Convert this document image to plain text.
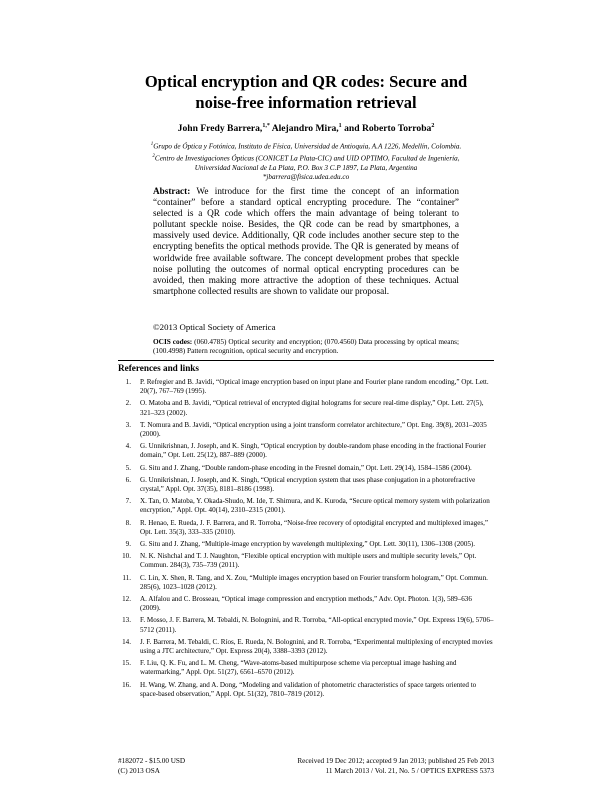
Optical encryption and QR codes: Secure and
noise-free information retrieval
John Fredy Barrera,$^{1,*}$ Alejandro Mira,$^1$ and Roberto Torroba$^2$
$^1$Grupo de Óptica y Fotónica, Instituto de Física, Universidad de Antioquia, A.A 1226, Medellín, Colombia.
$^2$Centro de Investigaciones Ópticas (CONICET La Plata-CIC) and UID OPTIMO, Facultad de Ingeniería,
Universidad Nacional de La Plata, P.O. Box 3 C.P 1897, La Plata, Argentina
*jbarrera@fisica.udea.edu.co
Abstract: We introduce for the first time the concept of an information “container” before a standard optical encrypting procedure. The “container” selected is a QR code which offers the main advantage of being tolerant to pollutant speckle noise. Besides, the QR code can be read by smartphones, a massively used device. Additionally, QR code includes another secure step to the encrypting benefits the optical methods provide. The QR is generated by means of worldwide free available software. The concept development probes that speckle noise polluting the outcomes of normal optical encrypting procedures can be avoided, then making more attractive the adoption of these techniques. Actual smartphone collected results are shown to validate our proposal.
©2013 Optical Society of America
OCIS codes: (060.4785) Optical security and encryption; (070.4560) Data processing by optical means; (100.4998) Pattern recognition, optical security and encryption.
References and links
1.	P. Refregier and B. Javidi, “Optical image encryption based on input plane and Fourier plane random encoding,” Opt. Lett. 20(7), 767–769 (1995).
2.	O. Matoba and B. Javidi, “Optical retrieval of encrypted digital holograms for secure real-time display,” Opt. Lett. 27(5), 321–323 (2002).
3.	T. Nomura and B. Javidi, “Optical encryption using a joint transform correlator architecture,” Opt. Eng. 39(8), 2031–2035 (2000).
4.	G. Unnikrishnan, J. Joseph, and K. Singh, “Optical encryption by double-random phase encoding in the fractional Fourier domain,” Opt. Lett. 25(12), 887–889 (2000).
5.	G. Situ and J. Zhang, “Double random-phase encoding in the Fresnel domain,” Opt. Lett. 29(14), 1584–1586 (2004).
6.	G. Unnikrishnan, J. Joseph, and K. Singh, “Optical encryption system that uses phase conjugation in a photorefractive crystal,” Appl. Opt. 37(35), 8181–8186 (1998).
7.	X. Tan, O. Matoba, Y. Okada-Shudo, M. Ide, T. Shimura, and K. Kuroda, “Secure optical memory system with polarization encryption,” Appl. Opt. 40(14), 2310–2315 (2001).
8.	R. Henao, E. Rueda, J. F. Barrera, and R. Torroba, “Noise-free recovery of optodigital encrypted and multiplexed images,” Opt. Lett. 35(3), 333–335 (2010).
9.	G. Situ and J. Zhang, “Multiple-image encryption by wavelength multiplexing,” Opt. Lett. 30(11), 1306–1308 (2005).
10.	N. K. Nishchal and T. J. Naughton, “Flexible optical encryption with multiple users and multiple security levels,” Opt. Commun. 284(3), 735–739 (2011).
11.	C. Lin, X. Shen, R. Tang, and X. Zou, “Multiple images encryption based on Fourier transform hologram,” Opt. Commun. 285(6), 1023–1028 (2012).
12.	A. Alfalou and C. Brosseau, “Optical image compression and encryption methods,” Adv. Opt. Photon. 1(3), 589–636 (2009).
13.	F. Mosso, J. F. Barrera, M. Tebaldi, N. Bolognini, and R. Torroba, “All-optical encrypted movie,” Opt. Express 19(6), 5706–5712 (2011).
14.	J. F. Barrera, M. Tebaldi, C. Ríos, E. Rueda, N. Bolognini, and R. Torroba, “Experimental multiplexing of encrypted movies using a JTC architecture,” Opt. Express 20(4), 3388–3393 (2012).
15.	F. Liu, Q. K. Fu, and L. M. Cheng, “Wave-atoms-based multipurpose scheme via perceptual image hashing and watermarking,” Appl. Opt. 51(27), 6561–6570 (2012).
16.	H. Wang, W. Zhang, and A. Dong, “Modeling and validation of photometric characteristics of space targets oriented to space-based observation,” Appl. Opt. 51(32), 7810–7819 (2012).
#182072 - $15.00 USD	Received 19 Dec 2012; accepted 9 Jan 2013; published 25 Feb 2013
(C) 2013 OSA	11 March 2013 / Vol. 21, No. 5 / OPTICS EXPRESS 5373
